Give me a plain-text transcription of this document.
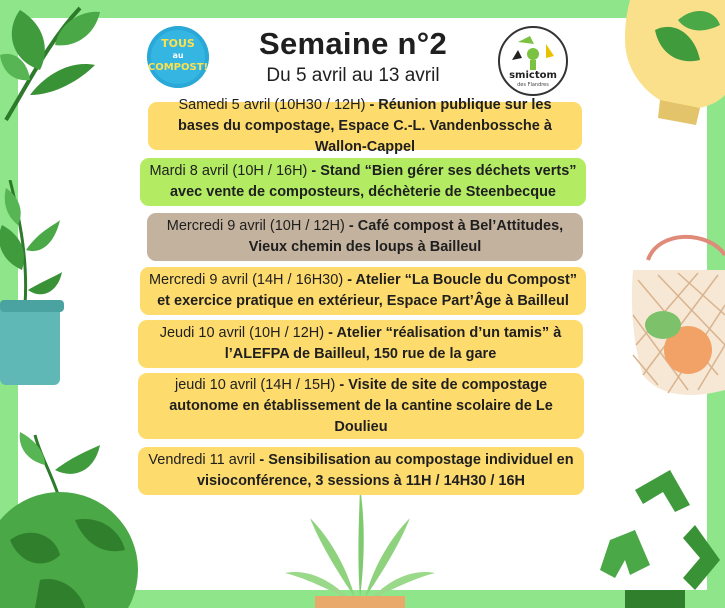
TOUS
au
COMPOST!
Semaine n°2
Du 5 avril au 13 avril	smictom
des Flandres
Samedi 5 avril (10H30 / 12H) - Réunion publique sur les bases du compostage, Espace C.-L. Vandenbossche à Wallon-Cappel
Mardi 8 avril (10H / 16H) - Stand “Bien gérer ses déchets verts” avec vente de composteurs, déchèterie de Steenbecque
Mercredi 9 avril (10H / 12H) - Café compost à Bel’Attitudes, Vieux chemin des loups à Bailleul
Mercredi 9 avril (14H / 16H30) - Atelier “La Boucle du Compost” et exercice pratique en extérieur, Espace Part’Âge à Bailleul
Jeudi 10 avril (10H / 12H) - Atelier “réalisation d’un tamis” à l’ALEFPA de Bailleul, 150 rue de la gare
jeudi 10 avril (14H / 15H) - Visite de site de compostage autonome en établissement de la cantine scolaire de Le Doulieu
Vendredi 11 avril - Sensibilisation au compostage individuel en visioconférence, 3 sessions à 11H / 14H30 / 16H
